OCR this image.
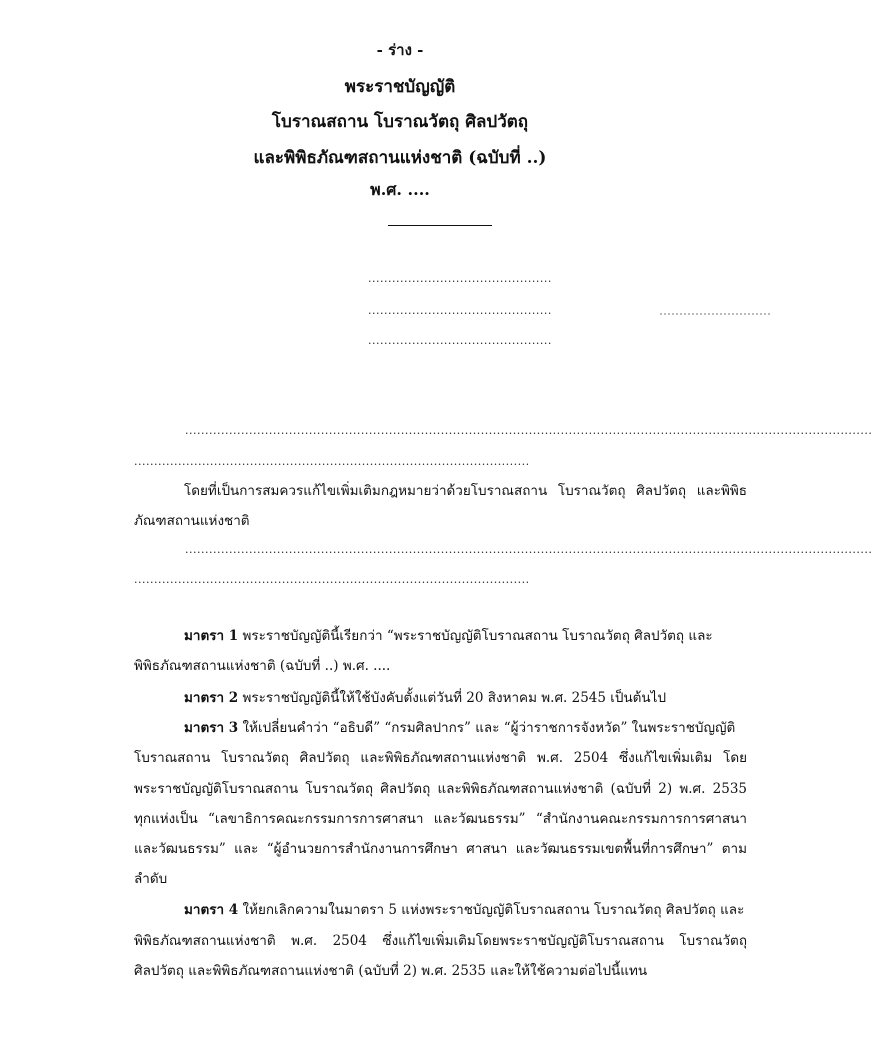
- ร่าง -
พระราชบัญญัติ
โบราณสถาน โบราณวัตถุ ศิลปวัตถุ
และพิพิธภัณฑสถานแห่งชาติ (ฉบับที่ ..)
พ.ศ. ....
..............................................
..............................................
..............................................
............................................................................................................................................................................
...................................................................................................
โดยที่เป็นการสมควรแก้ไขเพิ่มเติมกฎหมายว่าด้วยโบราณสถาน โบราณวัตถุ ศิลปวัตถุ และพิพิธ
ภัณฑสถานแห่งชาติ
............................................................................................................................................................................
...................................................................................................
มาตรา 1 พระราชบัญญัตินี้เรียกว่า “พระราชบัญญัติโบราณสถาน โบราณวัตถุ ศิลปวัตถุ และ
พิพิธภัณฑสถานแห่งชาติ (ฉบับที่ ..) พ.ศ. ....
มาตรา 2 พระราชบัญญัตินี้ให้ใช้บังคับตั้งแต่วันที่ 20 สิงหาคม พ.ศ. 2545 เป็นต้นไป
มาตรา 3 ให้เปลี่ยนคำว่า “อธิบดี” “กรมศิลปากร” และ “ผู้ว่าราชการจังหวัด” ในพระราชบัญญัติ
โบราณสถาน โบราณวัตถุ ศิลปวัตถุ และพิพิธภัณฑสถานแห่งชาติ พ.ศ. 2504 ซึ่งแก้ไขเพิ่มเติม โดย
พระราชบัญญัติโบราณสถาน โบราณวัตถุ ศิลปวัตถุ และพิพิธภัณฑสถานแห่งชาติ (ฉบับที่ 2) พ.ศ. 2535
ทุกแห่งเป็น “เลขาธิการคณะกรรมการการศาสนา และวัฒนธรรม” “สำนักงานคณะกรรมการการศาสนา
และวัฒนธรรม” และ “ผู้อำนวยการสำนักงานการศึกษา ศาสนา และวัฒนธรรมเขตพื้นที่การศึกษา” ตาม
ลำดับ
มาตรา 4 ให้ยกเลิกความในมาตรา 5 แห่งพระราชบัญญัติโบราณสถาน โบราณวัตถุ ศิลปวัตถุ และ
พิพิธภัณฑสถานแห่งชาติ พ.ศ. 2504 ซึ่งแก้ไขเพิ่มเติมโดยพระราชบัญญัติโบราณสถาน โบราณวัตถุ
ศิลปวัตถุ และพิพิธภัณฑสถานแห่งชาติ (ฉบับที่ 2) พ.ศ. 2535 และให้ใช้ความต่อไปนี้แทน
